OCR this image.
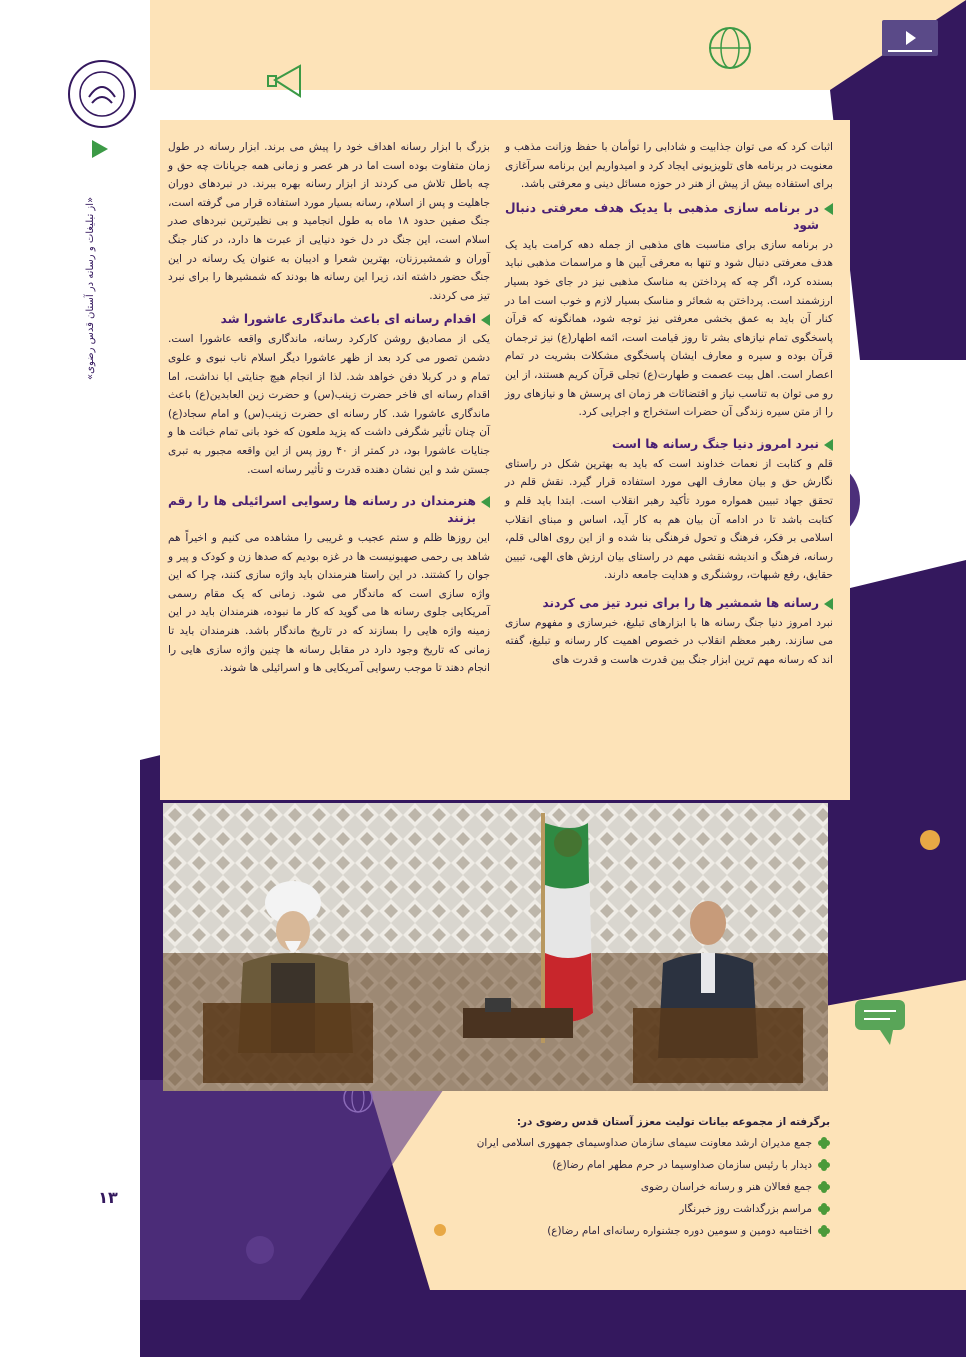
«از تبلیغات و رسانه در آستان قدس رضوی»
۱۳

اثبات کرد که می توان جذابیت و شادابی را توأمان با حفظ وزانت مذهب و معنویت در برنامه های تلویزیونی ایجاد کرد و امیدواریم این برنامه سرآغازی برای استفاده بیش از پیش از هنر در حوزه مسائل دینی و معرفتی باشد.

در برنامه سازی مذهبی با یدیک هدف معرفتی دنبال شود

در برنامه سازی برای مناسبت های مذهبی از جمله دهه کرامت باید یک هدف معرفتی دنبال شود و تنها به معرفی آیین ها و مراسمات مذهبی نباید بسنده کرد، اگر چه که پرداختن به مناسک مذهبی نیز در جای خود بسیار ارزشمند است. پرداختن به شعائر و مناسک بسیار لازم و خوب است اما در کنار آن باید به عمق بخشی معرفتی نیز توجه شود، همانگونه که قرآن پاسخگوی تمام نیازهای بشر تا روز قیامت است، ائمه اطهار(ع) نیز ترجمان قرآن بوده و سیره و معارف ایشان پاسخگوی مشکلات بشریت در تمام اعصار است. اهل بیت عصمت و طهارت(ع) تجلی قرآن کریم هستند، از این رو می توان به تناسب نیاز و اقتضائات هر زمان ای پرسش ها و نیازهای روز را از متن سیره زندگی آن حضرات استخراج و اجرایی کرد.

نبرد امروز دنیا جنگ رسانه ها است

قلم و کتابت از نعمات خداوند است که باید به بهترین شکل در راستای نگارش حق و بیان معارف الهی مورد استفاده قرار گیرد. نقش قلم در تحقق جهاد تبیین همواره مورد تأکید رهبر انقلاب است. ابتدا باید قلم و کتابت باشد تا در ادامه آن بیان هم به کار آید، اساس و مبنای انقلاب اسلامی بر فکر، فرهنگ و تحول فرهنگی بنا شده و از این روی اهالی قلم، رسانه، فرهنگ و اندیشه نقشی مهم در راستای بیان ارزش های الهی، تبیین حقایق، رفع شبهات، روشنگری و هدایت جامعه دارند.

رسانه ها شمشیر ها را برای نبرد تیز می کردند

نبرد امروز دنیا جنگ رسانه ها با ابزارهای تبلیغ، خبرسازی و مفهوم سازی می سازند. رهبر معظم انقلاب در خصوص اهمیت کار رسانه و تبلیغ، گفته اند که رسانه مهم ترین ابزار جنگ بین قدرت هاست و قدرت های

بزرگ با ابزار رسانه اهداف خود را پیش می برند. ابزار رسانه در طول زمان متفاوت بوده است اما در هر عصر و زمانی همه جریانات چه حق و چه باطل تلاش می کردند از ابزار رسانه بهره ببرند. در نبردهای دوران جاهلیت و پس از اسلام، رسانه بسیار مورد استفاده قرار می گرفته است، جنگ صفین حدود ۱۸ ماه به طول انجامید و بی نظیرترین نبردهای صدر اسلام است، این جنگ در دل خود دنیایی از عبرت ها دارد، در کنار جنگ آوران و شمشیرزنان، بهترین شعرا و ادیبان به عنوان یک رسانه در این جنگ حضور داشته اند، زیرا این رسانه ها بودند که شمشیرها را برای نبرد تیز می کردند.

اقدام رسانه ای باعث ماندگاری عاشورا شد

یکی از مصادیق روشن کارکرد رسانه، ماندگاری واقعه عاشورا است. دشمن تصور می کرد بعد از ظهر عاشورا دیگر اسلام ناب نبوی و علوی تمام و در کربلا دفن خواهد شد. لذا از انجام هیچ جنایتی ابا نداشت، اما اقدام رسانه ای فاخر حضرت زینب(س) و حضرت زین العابدین(ع) باعث ماندگاری عاشورا شد. کار رسانه ای حضرت زینب(س) و امام سجاد(ع) آن چنان تأثیر شگرفی داشت که یزید ملعون که خود بانی تمام خباثت ها و جنایات عاشورا بود، در کمتر از ۴۰ روز پس از این واقعه مجبور به تبری جستن شد و این نشان دهنده قدرت و تأثیر رسانه است.

هنرمندان در رسانه ها رسوایی اسرائیلی ها را رقم بزنند

این روزها ظلم و ستم عجیب و غریبی را مشاهده می کنیم و اخیراً هم شاهد بی رحمی صهیونیست ها در غزه بودیم که صدها زن و کودک و پیر و جوان را کشتند. در این راستا هنرمندان باید واژه سازی کنند، چرا که این واژه سازی است که ماندگار می شود. زمانی که یک مقام رسمی آمریکایی جلوی رسانه ها می گوید که کار ما نبوده، هنرمندان باید در این زمینه واژه هایی را بسازند که در تاریخ ماندگار باشد. هنرمندان باید تا زمانی که تاریخ وجود دارد در مقابل رسانه ها چنین واژه سازی هایی را انجام دهند تا موجب رسوایی آمریکایی ها و اسرائیلی ها شوند.

برگرفته از مجموعه بیانات تولیت معزز آستان قدس رضوی در:
جمع مدیران ارشد معاونت سیمای سازمان صداوسیمای جمهوری اسلامی ایران
دیدار با رئیس سازمان صداوسیما در حرم مطهر امام رضا(ع)
جمع فعالان هنر و رسانه خراسان رضوی
مراسم بزرگداشت روز خبرنگار
اختتامیه دومین و سومین دوره جشنواره رسانه‌ای امام رضا(ع)
